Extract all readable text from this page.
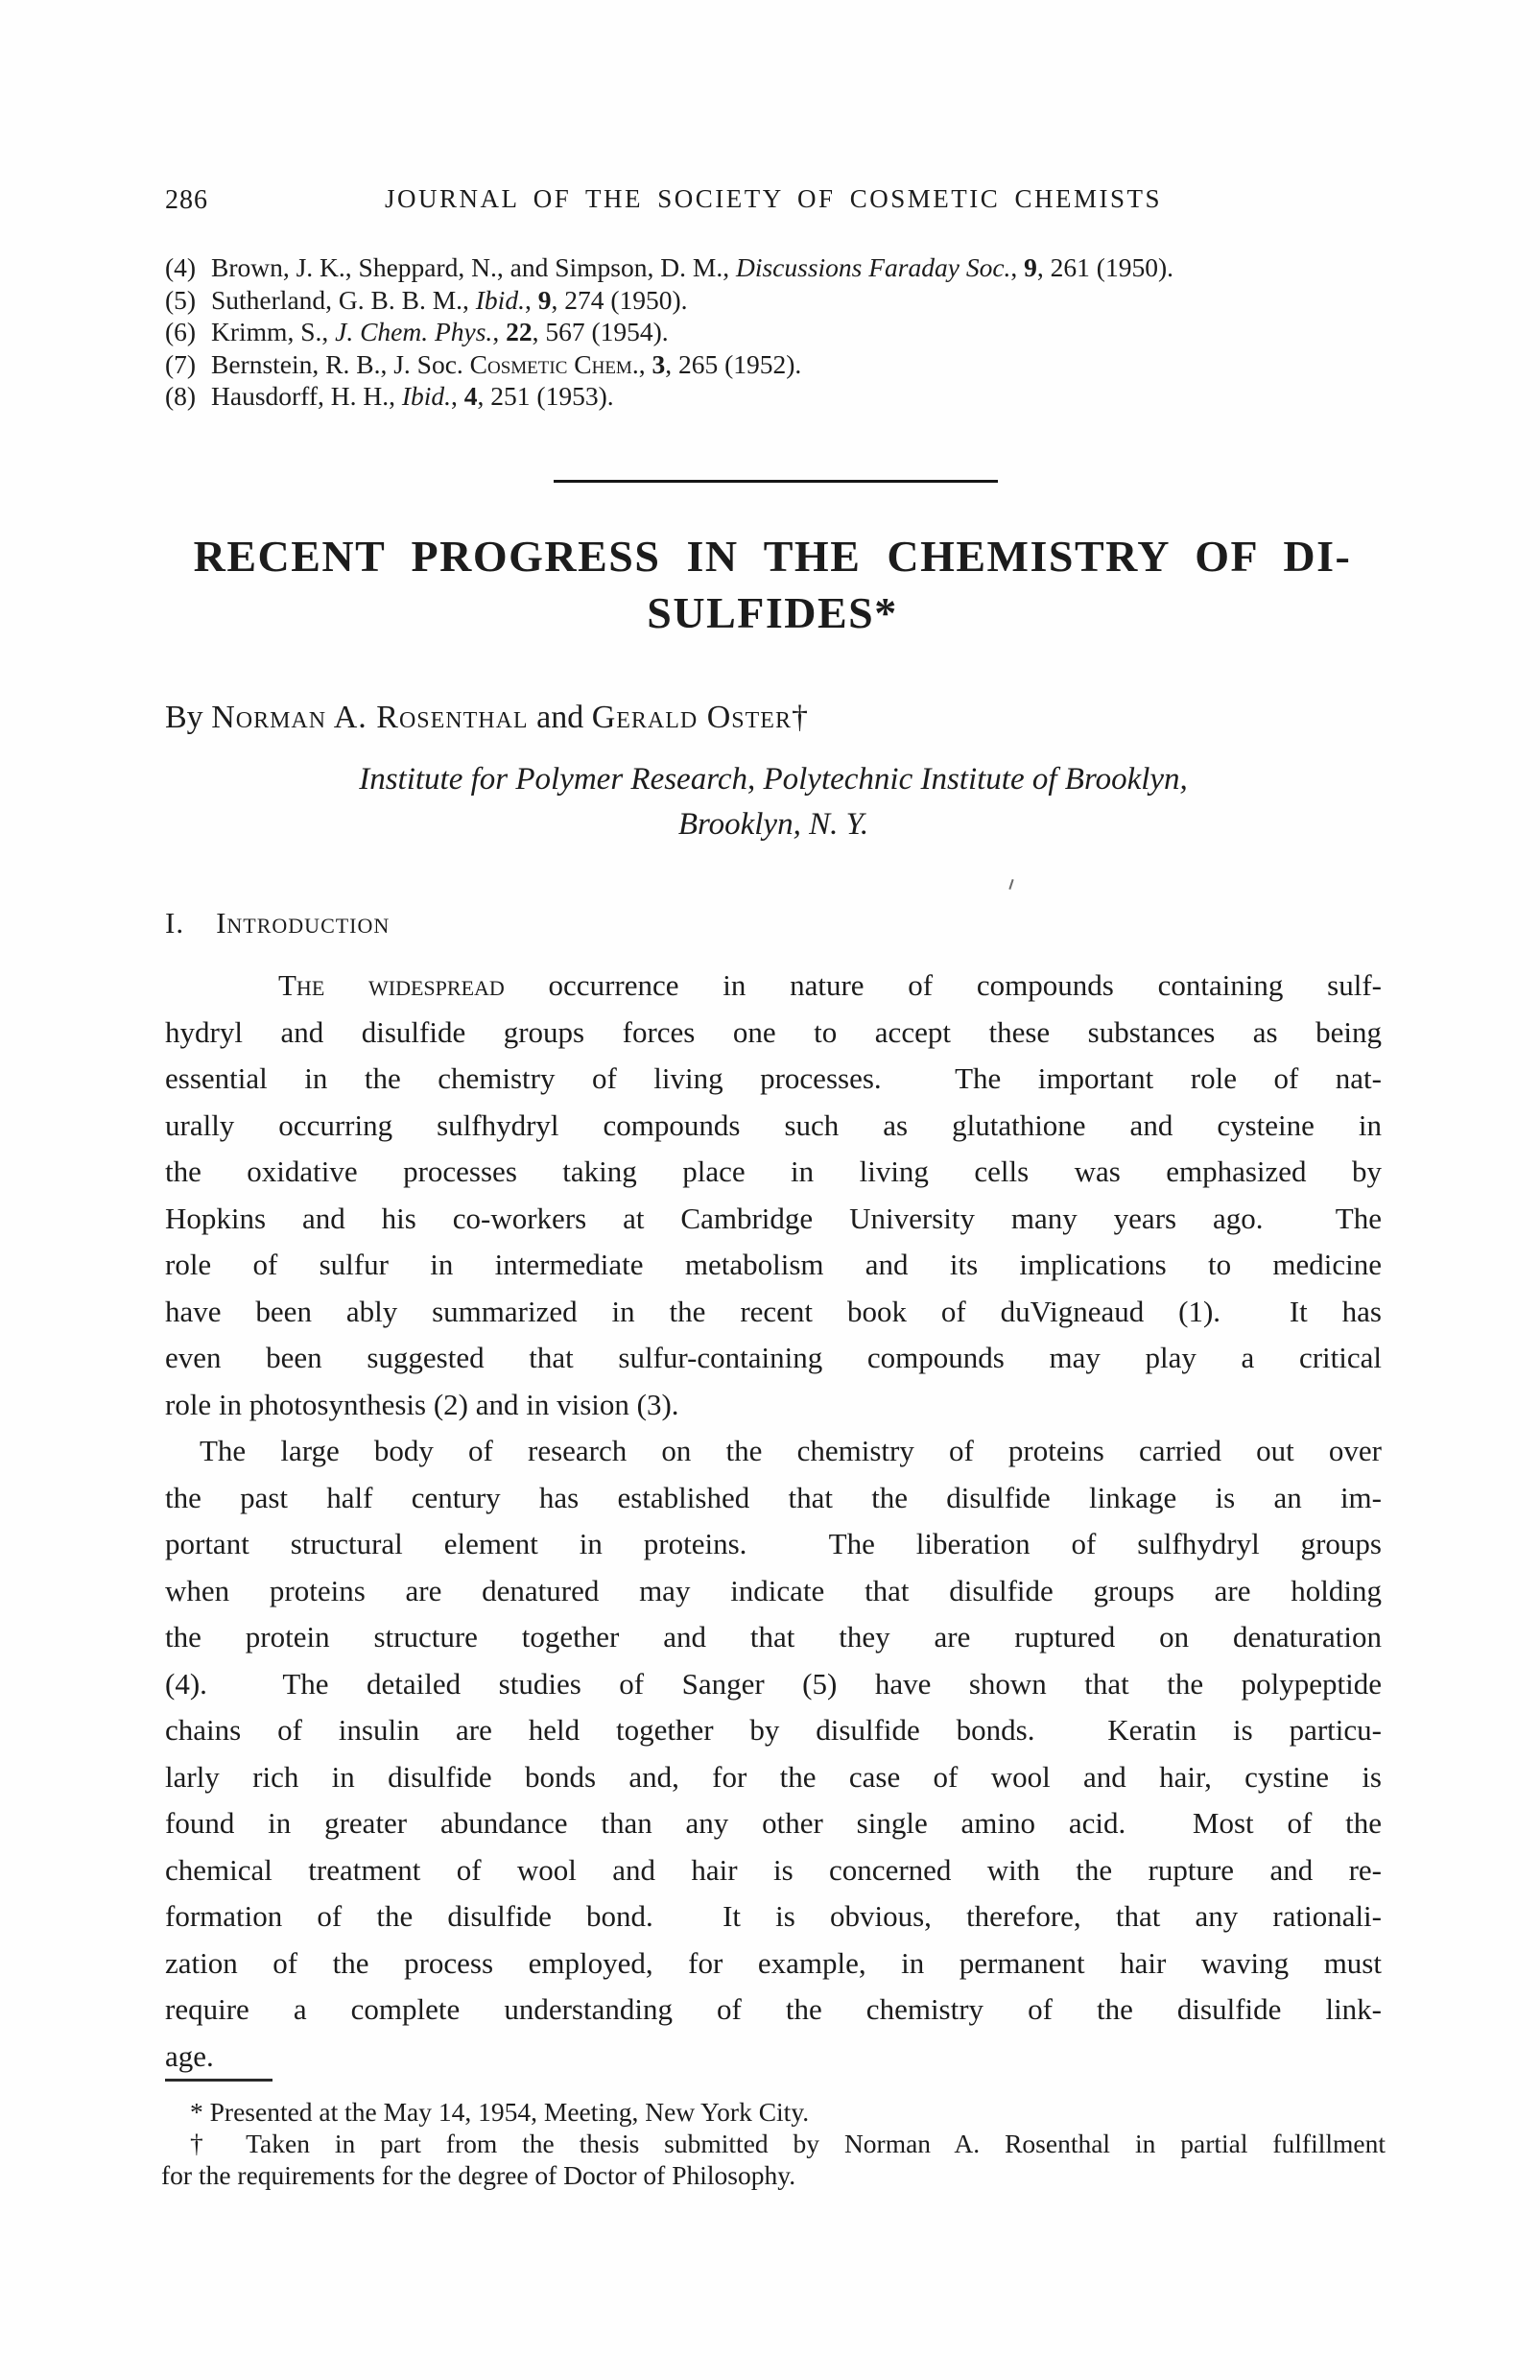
286	JOURNAL OF THE SOCIETY OF COSMETIC CHEMISTS
(4) Brown, J. K., Sheppard, N., and Simpson, D. M., Discussions Faraday Soc., 9, 261 (1950).
(5) Sutherland, G. B. B. M., Ibid., 9, 274 (1950).
(6) Krimm, S., J. Chem. Phys., 22, 567 (1954).
(7) Bernstein, R. B., J. Soc. Cosmetic Chem., 3, 265 (1952).
(8) Hausdorff, H. H., Ibid., 4, 251 (1953).
RECENT PROGRESS IN THE CHEMISTRY OF DI-
SULFIDES*
By Norman A. Rosenthal and Gerald Oster†
Institute for Polymer Research, Polytechnic Institute of Brooklyn,
Brooklyn, N. Y.
I.  Introduction
The widespread occurrence in nature of compounds containing sulf-
hydryl and disulfide groups forces one to accept these substances as being
essential in the chemistry of living processes.  The important role of nat-
urally occurring sulfhydryl compounds such as glutathione and cysteine in
the oxidative processes taking place in living cells was emphasized by
Hopkins and his co-workers at Cambridge University many years ago.  The
role of sulfur in intermediate metabolism and its implications to medicine
have been ably summarized in the recent book of duVigneaud (1).  It has
even been suggested that sulfur-containing compounds may play a critical
role in photosynthesis (2) and in vision (3).
The large body of research on the chemistry of proteins carried out over
the past half century has established that the disulfide linkage is an im-
portant structural element in proteins.  The liberation of sulfhydryl groups
when proteins are denatured may indicate that disulfide groups are holding
the protein structure together and that they are ruptured on denaturation
(4).  The detailed studies of Sanger (5) have shown that the polypeptide
chains of insulin are held together by disulfide bonds.  Keratin is particu-
larly rich in disulfide bonds and, for the case of wool and hair, cystine is
found in greater abundance than any other single amino acid.  Most of the
chemical treatment of wool and hair is concerned with the rupture and re-
formation of the disulfide bond.  It is obvious, therefore, that any rationali-
zation of the process employed, for example, in permanent hair waving must
require a complete understanding of the chemistry of the disulfide link-
age.
* Presented at the May 14, 1954, Meeting, New York City.
† Taken in part from the thesis submitted by Norman A. Rosenthal in partial fulfillment
for the requirements for the degree of Doctor of Philosophy.
